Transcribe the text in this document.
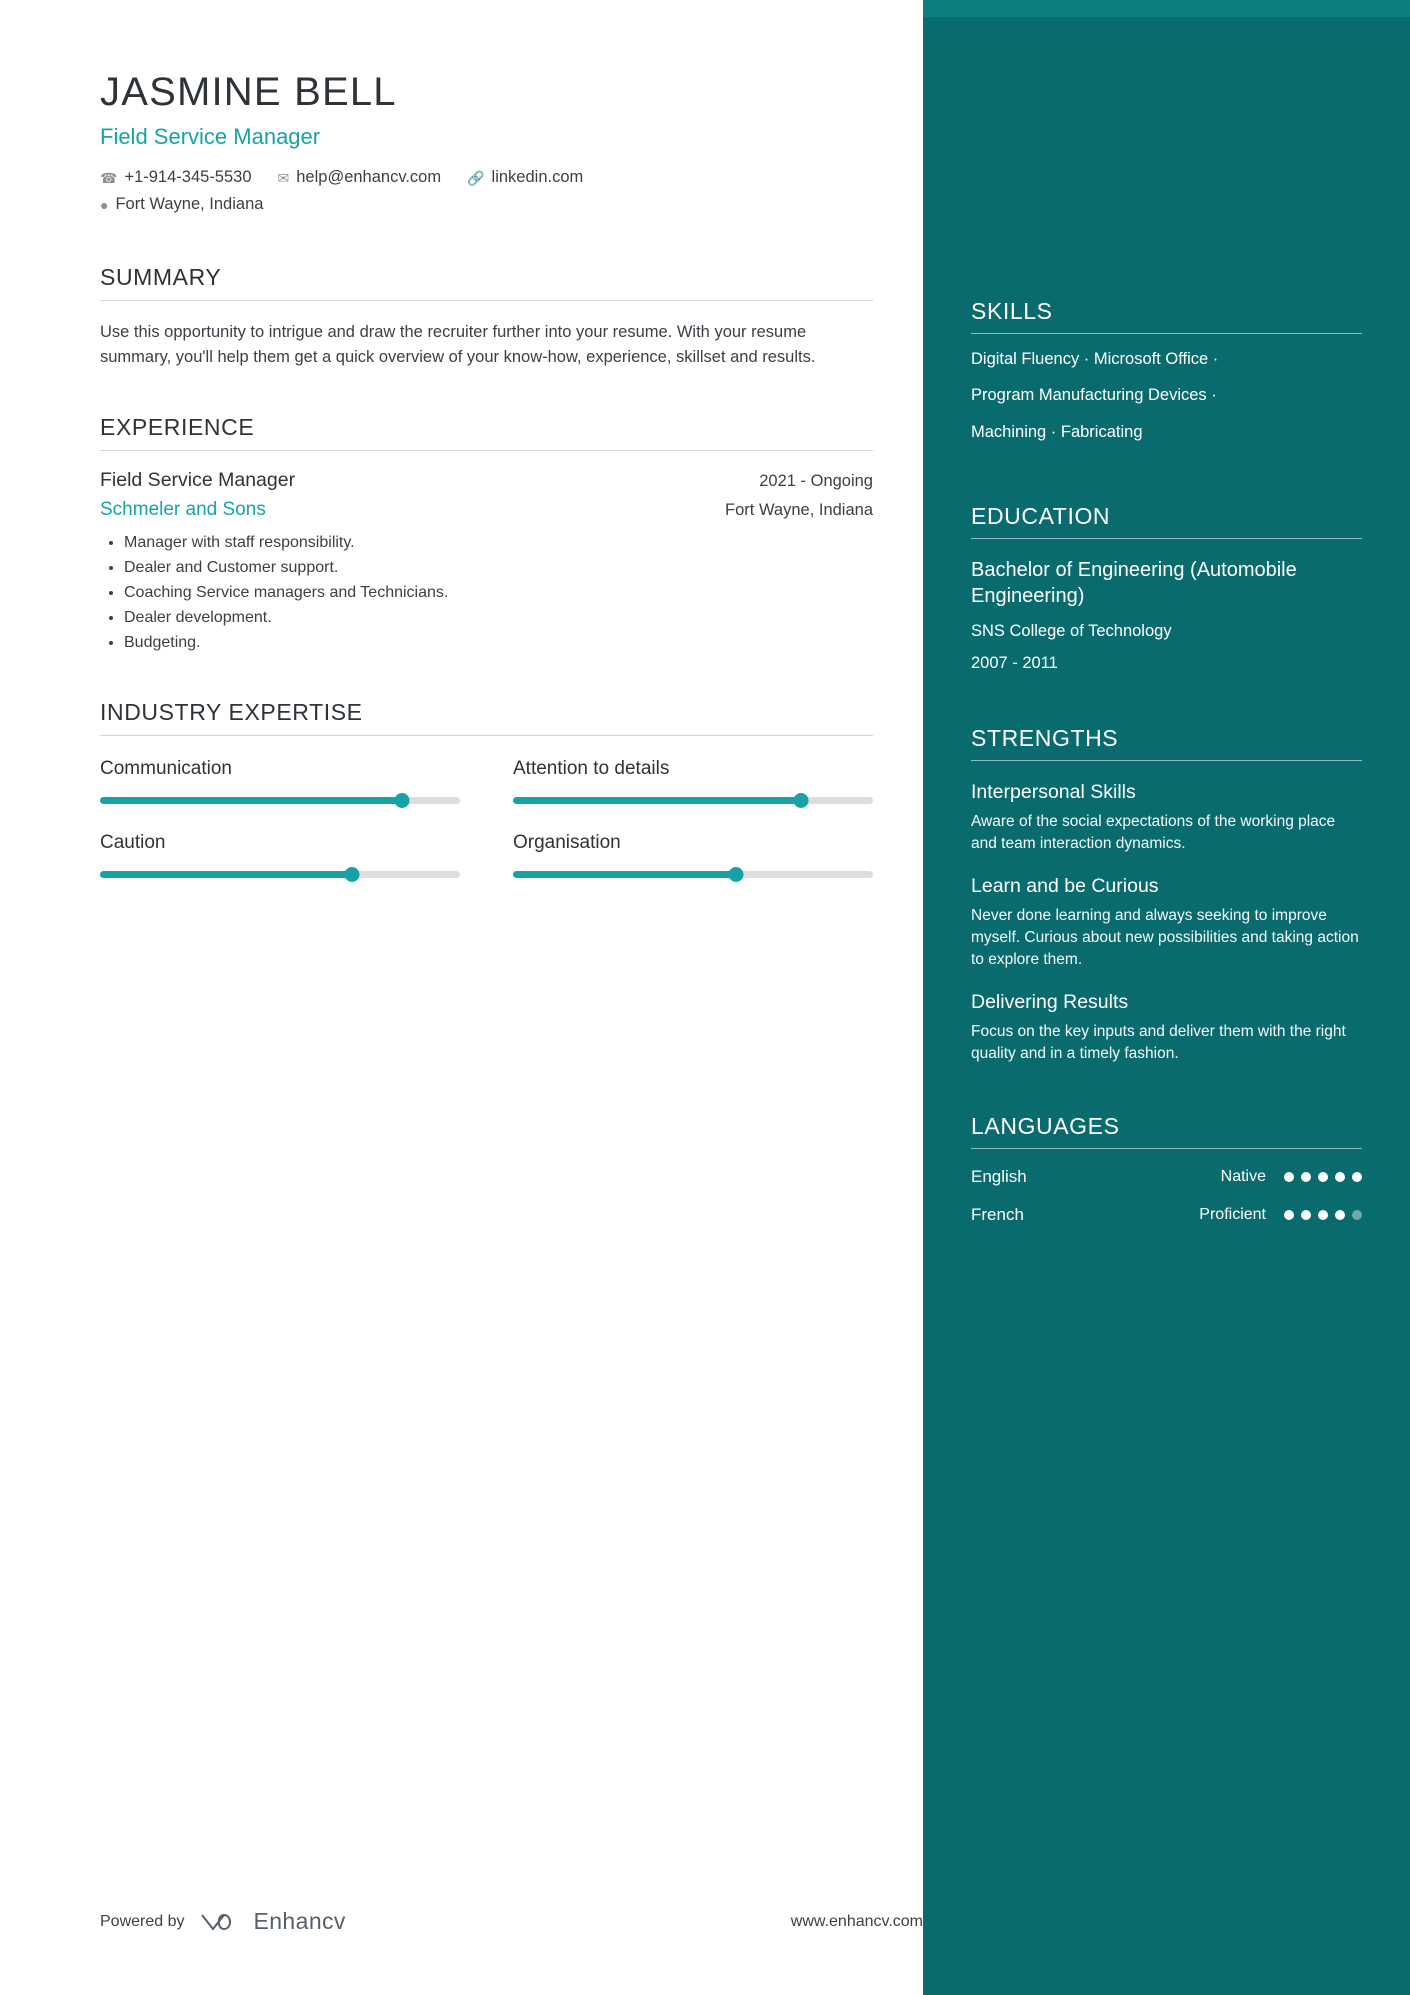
JASMINE BELL
Field Service Manager
☎ +1-914-345-5530 ✉ help@enhancv.com 🔗 linkedin.com
● Fort Wayne, Indiana
SUMMARY
Use this opportunity to intrigue and draw the recruiter further into your resume. With your resume summary, you'll help them get a quick overview of your know-how, experience, skillset and results.
EXPERIENCE
Field Service Manager	2021 - Ongoing
Schmeler and Sons	Fort Wayne, Indiana
• Manager with staff responsibility.
• Dealer and Customer support.
• Coaching Service managers and Technicians.
• Dealer development.
• Budgeting.
INDUSTRY EXPERTISE
Communication	Attention to details
Caution	Organisation
SKILLS
Digital Fluency · Microsoft Office ·
Program Manufacturing Devices ·
Machining · Fabricating
EDUCATION
Bachelor of Engineering (Automobile Engineering)
SNS College of Technology
2007 - 2011
STRENGTHS
Interpersonal Skills
Aware of the social expectations of the working place and team interaction dynamics.
Learn and be Curious
Never done learning and always seeking to improve myself. Curious about new possibilities and taking action to explore them.
Delivering Results
Focus on the key inputs and deliver them with the right quality and in a timely fashion.
LANGUAGES
English	Native
French	Proficient
Powered by	Enhancv	www.enhancv.com
